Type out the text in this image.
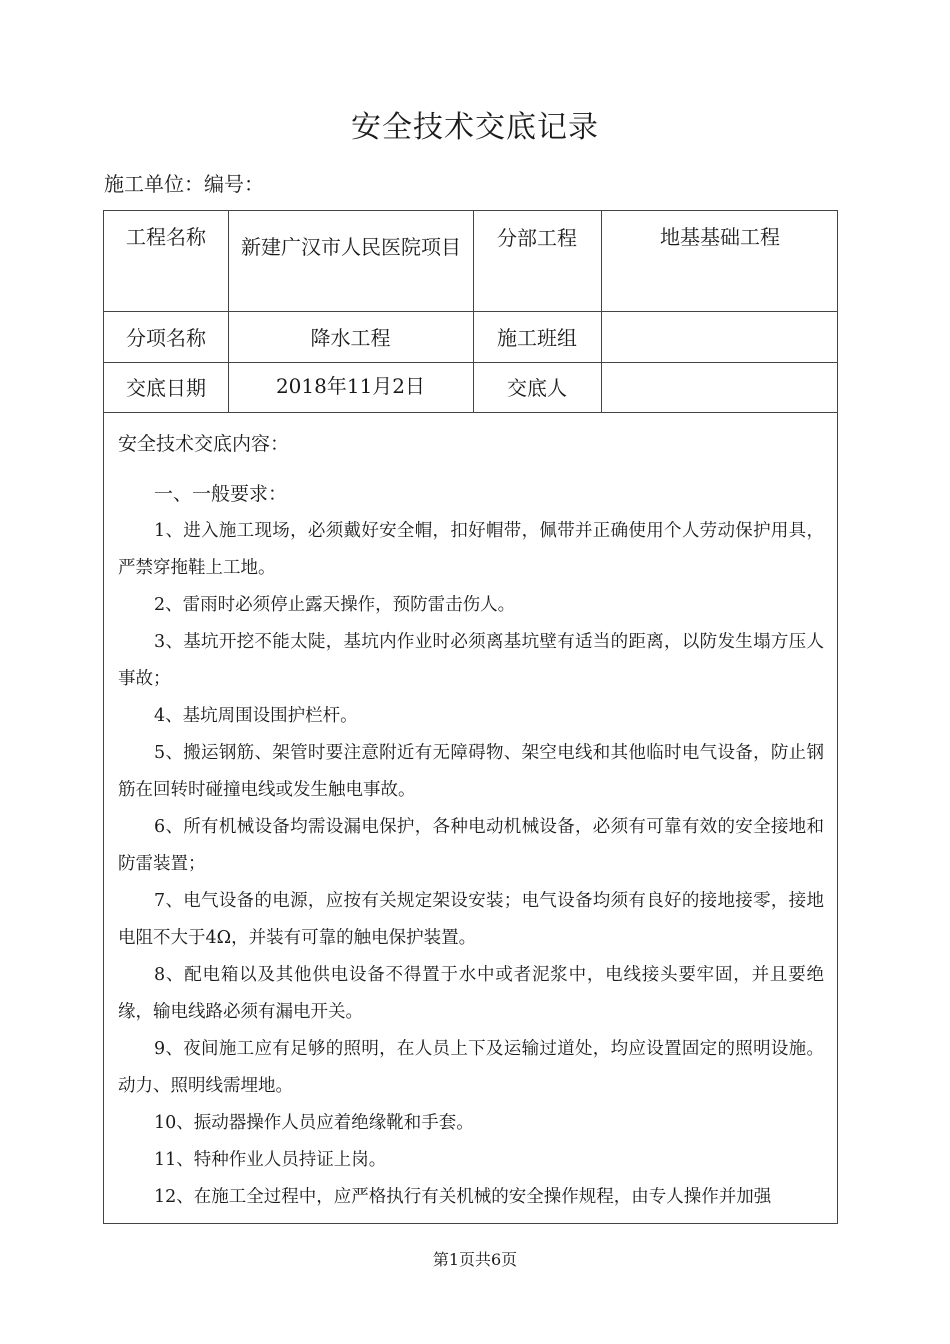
安全技术交底记录
施工单位：编号：
工程名称	新建广汉市人民医院项目	分部工程	地基基础工程
分项名称	降水工程	施工班组
交底日期	2018年11月2日	交底人

安全技术交底内容：

一、一般要求：

1、进入施工现场，必须戴好安全帽，扣好帽带，佩带并正确使用个人劳动保护用具，严禁穿拖鞋上工地。

2、雷雨时必须停止露天操作，预防雷击伤人。

3、基坑开挖不能太陡，基坑内作业时必须离基坑壁有适当的距离，以防发生塌方压人事故；

4、基坑周围设围护栏杆。

5、搬运钢筋、架管时要注意附近有无障碍物、架空电线和其他临时电气设备，防止钢筋在回转时碰撞电线或发生触电事故。

6、所有机械设备均需设漏电保护，各种电动机械设备，必须有可靠有效的安全接地和防雷装置；

7、电气设备的电源，应按有关规定架设安装；电气设备均须有良好的接地接零，接地电阻不大于4Ω，并装有可靠的触电保护装置。

8、配电箱以及其他供电设备不得置于水中或者泥浆中，电线接头要牢固，并且要绝缘，输电线路必须有漏电开关。

9、夜间施工应有足够的照明，在人员上下及运输过道处，均应设置固定的照明设施。动力、照明线需埋地。

10、振动器操作人员应着绝缘靴和手套。

11、特种作业人员持证上岗。

12、在施工全过程中，应严格执行有关机械的安全操作规程，由专人操作并加强

第1页共6页
